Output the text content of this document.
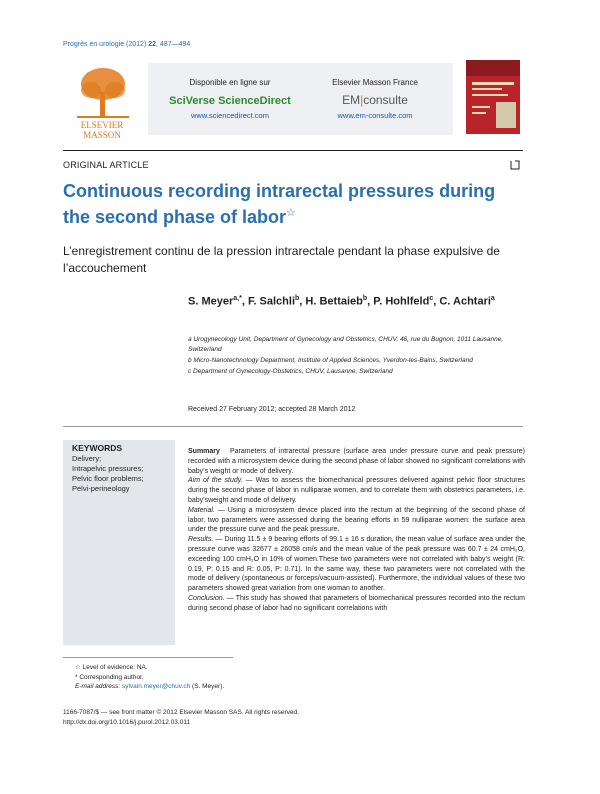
Progrès en urologie (2012) 22, 487—494
ELSEVIER
MASSON
Disponible en ligne sur
SciVerse ScienceDirect
www.sciencedirect.com
Elsevier Masson France
EM|consulte
www.em-consulte.com
ORIGINAL ARTICLE
Continuous recording intrarectal pressures during the second phase of labor☆
L’enregistrement continu de la pression intrarectale pendant la phase expulsive de l’accouchement
S. Meyer$^{a,*}$, F. Salchli$^b$, H. Bettaieb$^b$, P. Hohlfeld$^c$, C. Achtari$^a$

a Urogynecology Unit, Department of Gynecology and Obstetrics, CHUV, 46, rue du Bugnon, 1011 Lausanne, Switzerland

b Micro-Nanotechnology Department, Institute of Applied Sciences, Yverdon-les-Bains, Switzerland

c Department of Gynecology-Obstetrics, CHUV, Lausanne, Switzerland

Received 27 February 2012; accepted 28 March 2012
KEYWORDS
Delivery;
Intrapelvic pressures;
Pelvic floor problems;
Pelvi-perineology

Summary Parameters of intrarectal pressure (surface area under pressure curve and peak pressure) recorded with a microsystem device during the second phase of labor showed no significant correlations with baby’s weight or mode of delivery.

Aim of the study. — Was to assess the biomechanical pressures delivered against pelvic floor structures during the second phase of labor in nulliparae women, and to correlate them with obstetrics parameters, i.e. baby’sweight and mode of delivery.

Material. — Using a microsystem device placed into the rectum at the beginning of the second phase of labor, two parameters were assessed during the bearing efforts in 59 nulliparae women: the surface area under the pressure curve and the peak pressure.

Results. — During 11.5 ± 9 bearing efforts of 99.1 ± 16 s duration, the mean value of surface area under the pressure curve was 32677 ± 26058 cm/s and the mean value of the peak pressure was 60.7 ± 24 cmH₂O, exceeding 100 cmH₂O in 10% of women.These two parameters were not correlated with baby’s weight (R: 0.19, P: 0.15 and R: 0.05, P: 0.71). In the same way, these two parameters were not correlated with the mode of delivery (spontaneous or forceps/vacuum-assisted). Furthermore, the individual values of these two parameters showed great variation from one woman to another.

Conclusion. — This study has showed that parameters of biomechanical pressures recorded into the rectum during second phase of labor had no significant correlations with

☆ Level of evidence: NA.

* Corresponding author.

E-mail address: sylvain.meyer@chuv.ch (S. Meyer).

1166-7087/$ — see front matter © 2012 Elsevier Masson SAS. All rights reserved.
http://dx.doi.org/10.1016/j.purol.2012.03.011
